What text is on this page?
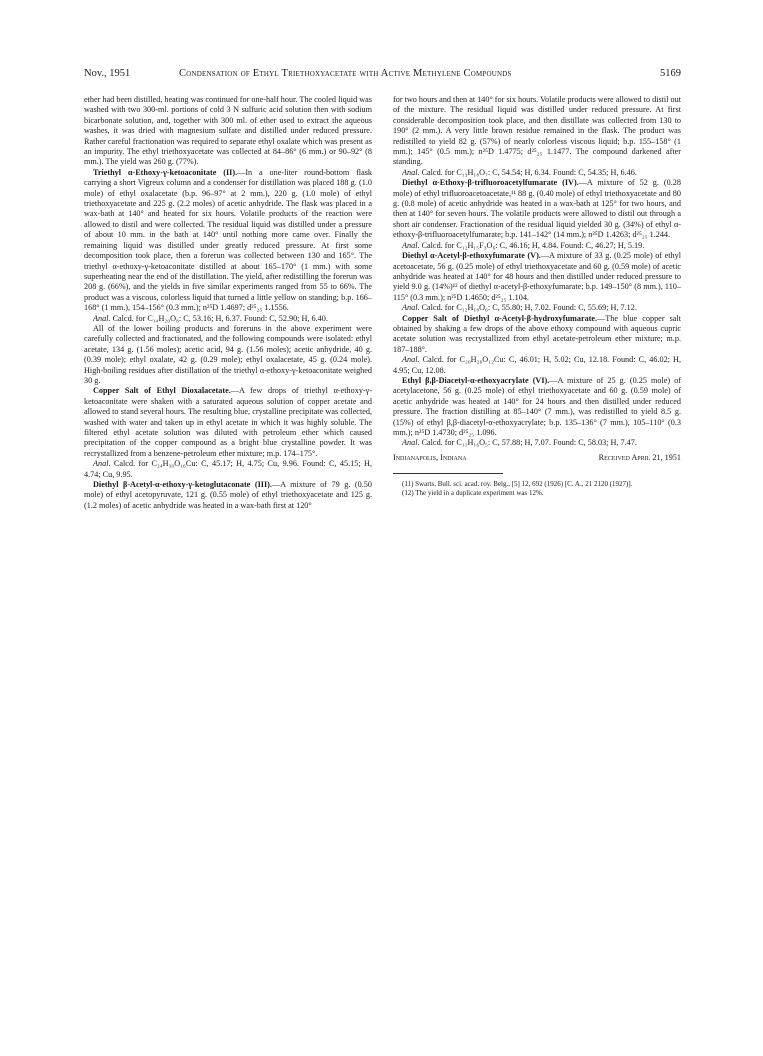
Nov., 1951	Condensation of Ethyl Triethoxyacetate with Active Methylene Compounds	5169

ether had been distilled, heating was continued for one-half hour. The cooled liquid was washed with two 300-ml. portions of cold 3 N sulfuric acid solution then with sodium bicarbonate solution, and, together with 300 ml. of ether used to extract the aqueous washes, it was dried with magnesium sulfate and distilled under reduced pressure. Rather careful fractionation was required to separate ethyl oxalate which was present as an impurity. The ethyl triethoxyacetate was collected at 84–86° (6 mm.) or 90–92° (8 mm.). The yield was 260 g. (77%).

Triethyl α-Ethoxy-γ-ketoaconitate (II).—In a one-liter round-bottom flask carrying a short Vigreux column and a condenser for distillation was placed 188 g. (1.0 mole) of ethyl oxalacetate (b.p. 96–97° at 2 mm.), 220 g. (1.0 mole) of ethyl triethoxyacetate and 225 g. (2.2 moles) of acetic anhydride. The flask was placed in a wax-bath at 140° and heated for six hours. Volatile products of the reaction were allowed to distil and were collected. The residual liquid was distilled under a pressure of about 10 mm. in the bath at 140° until nothing more came over. Finally the remaining liquid was distilled under greatly reduced pressure. At first some decomposition took place, then a forerun was collected between 130 and 165°. The triethyl α-ethoxy-γ-ketoaconitate distilled at about 165–170° (1 mm.) with some superheating near the end of the distillation. The yield, after redistilling the forerun was 208 g. (66%), and the yields in five similar experiments ranged from 55 to 66%. The product was a viscous, colorless liquid that turned a little yellow on standing; b.p. 166–168° (1 mm.), 154–156° (0.3 mm.); n²⁵D 1.4697; d²⁵₂₅ 1.1556.

Anal. Calcd. for C₁₄H₂₀O₈: C, 53.16; H, 6.37. Found: C, 52.90; H, 6.40.

All of the lower boiling products and foreruns in the above experiment were carefully collected and fractionated, and the following compounds were isolated: ethyl acetate, 134 g. (1.56 moles); acetic acid, 94 g. (1.56 moles); acetic anhydride, 40 g. (0.39 mole); ethyl oxalate, 42 g. (0.29 mole); ethyl oxalacetate, 45 g. (0.24 mole). High-boiling residues after distillation of the triethyl α-ethoxy-γ-ketoaconitate weighed 30 g.

Copper Salt of Ethyl Dioxalacetate.—A few drops of triethyl α-ethoxy-γ-ketoaconitate were shaken with a saturated aqueous solution of copper acetate and allowed to stand several hours. The resulting blue, crystalline precipitate was collected, washed with water and taken up in ethyl acetate in which it was highly soluble. The filtered ethyl acetate solution was diluted with petroleum ether which caused precipitation of the copper compound as a bright blue crystalline powder. It was recrystallized from a benzene-petroleum ether mixture; m.p. 174–175°.

Anal. Calcd. for C₂₄H₃₀O₁₆Cu: C, 45.17; H, 4.75; Cu, 9.96. Found: C, 45.15; H, 4.74; Cu, 9.95.

Diethyl β-Acetyl-α-ethoxy-γ-ketoglutaconate (III).—A mixture of 79 g. (0.50 mole) of ethyl acetopyruvate, 121 g. (0.55 mole) of ethyl triethoxyacetate and 125 g. (1.2 moles) of acetic anhydride was heated in a wax-bath first at 120°

for two hours and then at 140° for six hours. Volatile products were allowed to distil out of the mixture. The residual liquid was distilled under reduced pressure. At first considerable decomposition took place, and then distillate was collected from 130 to 190° (2 mm.). A very little brown residue remained in the flask. The product was redistilled to yield 82 g. (57%) of nearly colorless viscous liquid; b.p. 155–158° (1 mm.); 145° (0.5 mm.); n²⁵D 1.4775; d²⁵₂₅ 1.1477. The compound darkened after standing.

Anal. Calcd. for C₁₃H₁₈O₇: C, 54.54; H, 6.34. Found: C, 54.35; H, 6.46.

Diethyl α-Ethoxy-β-trifluoroacetylfumarate (IV).—A mixture of 52 g. (0.28 mole) of ethyl trifluoroacetoacetate,¹¹ 88 g. (0.40 mole) of ethyl triethoxyacetate and 80 g. (0.8 mole) of acetic anhydride was heated in a wax-bath at 125° for two hours, and then at 140° for seven hours. The volatile products were allowed to distil out through a short air condenser. Fractionation of the residual liquid yielded 30 g. (34%) of ethyl α-ethoxy-β-trifluoroacetylfumarate; b.p. 141–142° (14 mm.); n²⁵D 1.4263; d²⁵₂₅ 1.244.

Anal. Calcd. for C₁₂H₁₅F₃O₆: C, 46.16; H, 4.84. Found: C, 46.27; H, 5.19.

Diethyl α-Acetyl-β-ethoxyfumarate (V).—A mixture of 33 g. (0.25 mole) of ethyl acetoacetate, 56 g. (0.25 mole) of ethyl triethoxyacetate and 60 g. (0.59 mole) of acetic anhydride was heated at 140° for 48 hours and then distilled under reduced pressure to yield 9.0 g. (14%)¹² of diethyl α-acetyl-β-ethoxyfumarate; b.p. 149–150° (8 mm.), 110–115° (0.3 mm.); n²⁵D 1.4650; d²⁵₂₅ 1.104.

Anal. Calcd. for C₁₂H₁₈O₆: C, 55.80; H, 7.02. Found: C, 55.69; H, 7.12.

Copper Salt of Diethyl α-Acetyl-β-hydroxyfumarate.—The blue copper salt obtained by shaking a few drops of the above ethoxy compound with aqueous cupric acetate solution was recrystallized from ethyl acetate-petroleum ether mixture; m.p. 187–188°.

Anal. Calcd. for C₂₀H₂₆O₁₂Cu: C, 46.01; H, 5.02; Cu, 12.18. Found: C, 46.02; H, 4.95; Cu, 12.08.

Ethyl β,β-Diacetyl-α-ethoxyacrylate (VI).—A mixture of 25 g. (0.25 mole) of acetylacetone, 56 g. (0.25 mole) of ethyl triethoxyacetate and 60 g. (0.59 mole) of acetic anhydride was heated at 140° for 24 hours and then distilled under reduced pressure. The fraction distilling at 85–140° (7 mm.), was redistilled to yield 8.5 g. (15%) of ethyl β,β-diacetyl-α-ethoxyacrylate; b.p. 135–136° (7 mm.), 105–110° (0.3 mm.); n²⁵D 1.4730; d²⁵₂₅ 1.096.

Anal. Calcd. for C₁₁H₁₆O₅: C, 57.88; H, 7.07. Found: C, 58.03; H, 7.47.

Indianapolis, Indiana	Received April 21, 1951

(11) Swarts, Bull. sci. acad. roy. Belg., [5] 12, 692 (1926) [C. A., 21 2120 (1927)].

(12) The yield in a duplicate experiment was 12%.
